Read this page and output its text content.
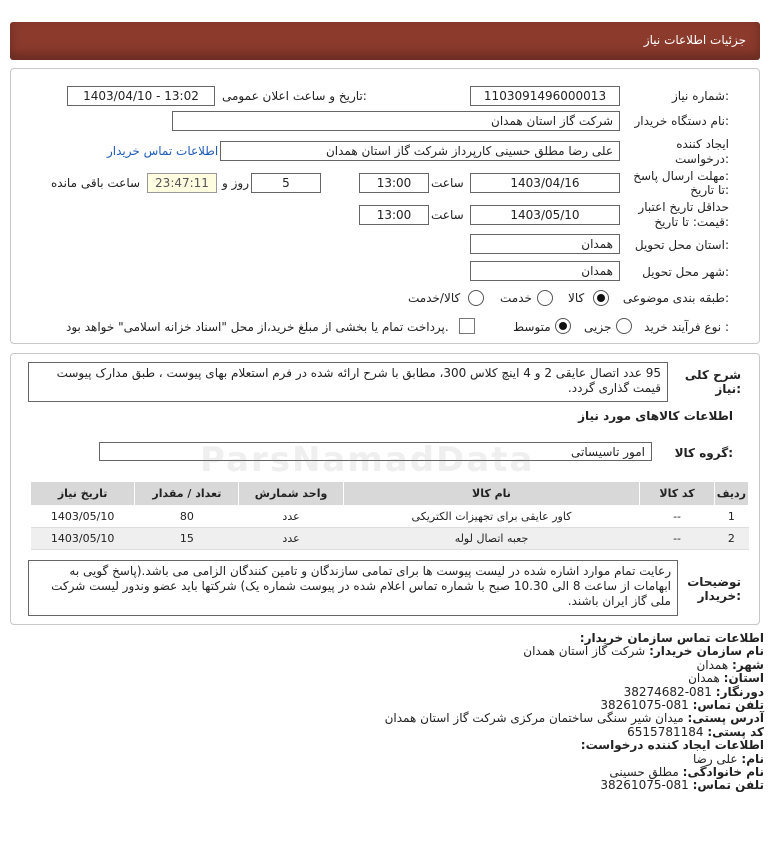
جزئیات اطلاعات نیاز
شماره نیاز:
1103091496000013
تاریخ و ساعت اعلان عمومی:
1403/04/10 - 13:02
نام دستگاه خریدار:
شرکت گاز استان همدان
ایجاد کننده
درخواست:
علی رضا مطلق حسینی کارپرداز شرکت گاز استان همدان
اطلاعات تماس خریدار
مهلت ارسال پاسخ:
تا تاریخ:
1403/04/16
ساعت
13:00
5
روز و
23:47:11
ساعت باقی مانده
حداقل تاریخ اعتبار
قیمت: تا تاریخ:
1403/05/10
ساعت
13:00
استان محل تحویل:
همدان
شهر محل تحویل:
همدان
طبقه بندی موضوعی:
کالا
خدمت
کالا/خدمت
نوع فرآیند خرید :
جزیی
متوسط
پرداخت تمام یا بخشی از مبلغ خرید،از محل "اسناد خزانه اسلامی" خواهد بود.
شرح کلی
نیاز:
95 عدد اتصال عایقی 2 و 4 اینچ کلاس 300، مطابق با شرح ارائه شده در فرم استعلام بهای پیوست ، طبق مدارک پیوست قیمت گذاری گردد.
اطلاعات کالاهای مورد نیاز
گروه کالا:
امور تاسیساتی
ردیف	کد کالا	نام کالا	واحد شمارش	تعداد / مقدار	تاریخ نیاز
1	--	کاور عایقی برای تجهیزات الکتریکی	عدد	80	1403/05/10
2	--	جعبه اتصال لوله	عدد	15	1403/05/10
توضیحات
خریدار:
رعایت تمام موارد اشاره شده در لیست پیوست ها برای تمامی سازندگان و تامین کنندگان الزامی می باشد.(پاسخ گویی به ابهامات از ساعت 8 الی 10.30 صبح با شماره تماس اعلام شده در پیوست شماره یک) شرکتها باید عضو وندور لیست شرکت ملی گاز ایران باشند.
اطلاعات تماس سازمان خریدار:
نام سازمان خریدار: شرکت گاز استان همدان
شهر: همدان
استان: همدان
دورنگار: 081-38274682
تلفن تماس: 081-38261075
آدرس پستی: میدان شیر سنگی ساختمان مرکزی شرکت گاز استان همدان
کد پستی: 6515781184
اطلاعات ایجاد کننده درخواست:
نام: علی رضا
نام خانوادگی: مطلق حسینی
تلفن تماس: 081-38261075
